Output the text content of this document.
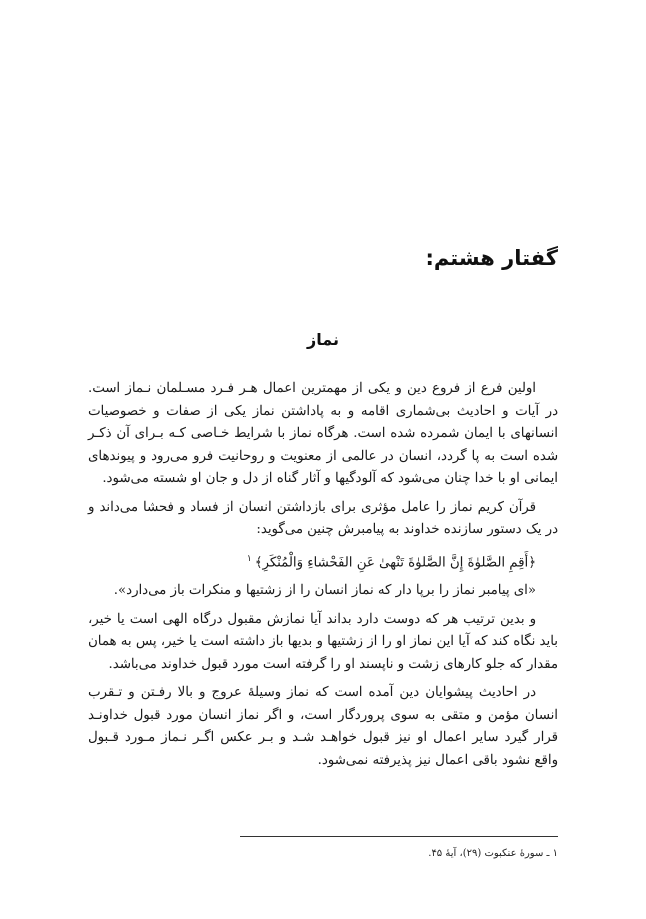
گفتار هشتم:
نماز

اولین فرع از فروع دین و یکی از مهمترین اعمال هـر فـرد مسـلمان نـماز است. در آیات و احادیث بی‌شماری اقامه و به پاداشتن نماز یکی از صفات و خصوصیات انسانهای با ایمان شمرده شده است. هرگاه نماز با شرایط خـاصی کـه بـرای آن ذکـر شده است به پا گردد، انسان در عالمی از معنویت و روحانیت فرو می‌رود و پیوندهای ایمانی او با خدا چنان می‌شود که آلودگیها و آثار گناه از دل و جان او شسته می‌شود.

قرآن کریم نماز را عامل مؤثری برای بازداشتن انسان از فساد و فحشا می‌داند و در یک دستور سازنده خداوند به پیامبرش چنین می‌گوید:

﴿أَقِمِ الصَّلوٰةَ إِنَّ الصَّلوٰةَ تَنْهیٰ عَنِ الفَحْشاءِ وَالْمُنْكَرِ﴾$^۱$

«ای پیامبر نماز را برپا دار که نماز انسان را از زشتیها و منکرات باز می‌دارد».

و بدین ترتیب هر که دوست دارد بداند آیا نمازش مقبول درگاه الهی است یا خیر، باید نگاه کند که آیا این نماز او را از زشتیها و بدیها باز داشته است یا خیر، پس به همان مقدار که جلو کارهای زشت و ناپسند او را گرفته است مورد قبول خداوند می‌باشد.

در احادیث پیشوایان دین آمده است که نماز وسیلهٔ عروج و بالا رفـتن و تـقرب انسان مؤمن و متقی به سوی پروردگار است، و اگر نماز انسان مورد قبول خداونـد قرار گیرد سایر اعمال او نیز قبول خواهـد شـد و بـر عکس اگـر نـماز مـورد قـبول واقع نشود باقی اعمال نیز پذیرفته نمی‌شود.

۱ ـ سورهٔ عنکبوت (۲۹)، آیهٔ ۴۵.
